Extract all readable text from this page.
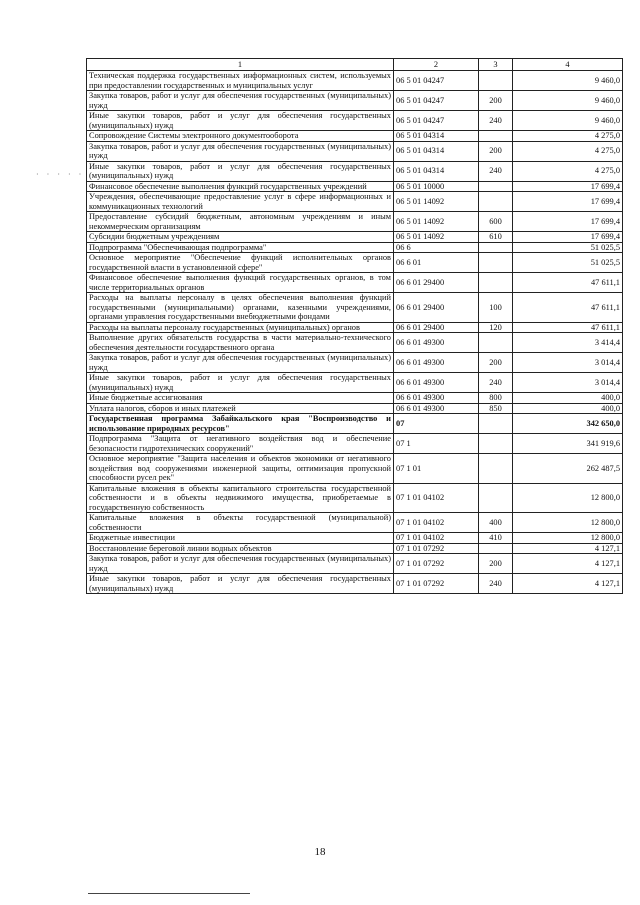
· · · · ·
1	2	3	4
Техническая поддержка государственных информационных систем, используемых при предоставлении государственных и муниципальных услуг	06 5 01 04247		9 460,0
Закупка товаров, работ и услуг для обеспечения государственных (муниципальных) нужд	06 5 01 04247	200	9 460,0
Иные закупки товаров, работ и услуг для обеспечения государственных (муниципальных) нужд	06 5 01 04247	240	9 460,0
Сопровождение Системы электронного документооборота	06 5 01 04314		4 275,0
Закупка товаров, работ и услуг для обеспечения государственных (муниципальных) нужд	06 5 01 04314	200	4 275,0
Иные закупки товаров, работ и услуг для обеспечения государственных (муниципальных) нужд	06 5 01 04314	240	4 275,0
Финансовое обеспечение выполнения функций государственных учреждений	06 5 01 10000		17 699,4
Учреждения, обеспечивающие предоставление услуг в сфере информационных и коммуникационных технологий	06 5 01 14092		17 699,4
Предоставление субсидий бюджетным, автономным учреждениям и иным некоммерческим организациям	06 5 01 14092	600	17 699,4
Субсидии бюджетным учреждениям	06 5 01 14092	610	17 699,4
Подпрограмма "Обеспечивающая подпрограмма"	06 6		51 025,5
Основное мероприятие "Обеспечение функций исполнительных органов государственной власти в установленной сфере"	06 6 01		51 025,5
Финансовое обеспечение выполнения функций государственных органов, в том числе территориальных органов	06 6 01 29400		47 611,1
Расходы на выплаты персоналу в целях обеспечения выполнения функций государственными (муниципальными) органами, казенными учреждениями, органами управления государственными внебюджетными фондами	06 6 01 29400	100	47 611,1
Расходы на выплаты персоналу государственных (муниципальных) органов	06 6 01 29400	120	47 611,1
Выполнение других обязательств государства в части материально-технического обеспечения деятельности государственного органа	06 6 01 49300		3 414,4
Закупка товаров, работ и услуг для обеспечения государственных (муниципальных) нужд	06 6 01 49300	200	3 014,4
Иные закупки товаров, работ и услуг для обеспечения государственных (муниципальных) нужд	06 6 01 49300	240	3 014,4
Иные бюджетные ассигнования	06 6 01 49300	800	400,0
Уплата налогов, сборов и иных платежей	06 6 01 49300	850	400,0
Государственная программа Забайкальского края "Воспроизводство и использование природных ресурсов"	07		342 650,0
Подпрограмма "Защита от негативного воздействия вод и обеспечение безопасности гидротехнических сооружений"	07 1		341 919,6
Основное мероприятие "Защита населения и объектов экономики от негативного воздействия вод сооружениями инженерной защиты, оптимизация пропускной способности русел рек"	07 1 01		262 487,5
Капитальные вложения в объекты капитального строительства государственной собственности и в объекты недвижимого имущества, приобретаемые в государственную собственность	07 1 01 04102		12 800,0
Капитальные вложения в объекты государственной (муниципальной) собственности	07 1 01 04102	400	12 800,0
Бюджетные инвестиции	07 1 01 04102	410	12 800,0
Восстановление береговой линии водных объектов	07 1 01 07292		4 127,1
Закупка товаров, работ и услуг для обеспечения государственных (муниципальных) нужд	07 1 01 07292	200	4 127,1
Иные закупки товаров, работ и услуг для обеспечения государственных (муниципальных) нужд	07 1 01 07292	240	4 127,1
18
